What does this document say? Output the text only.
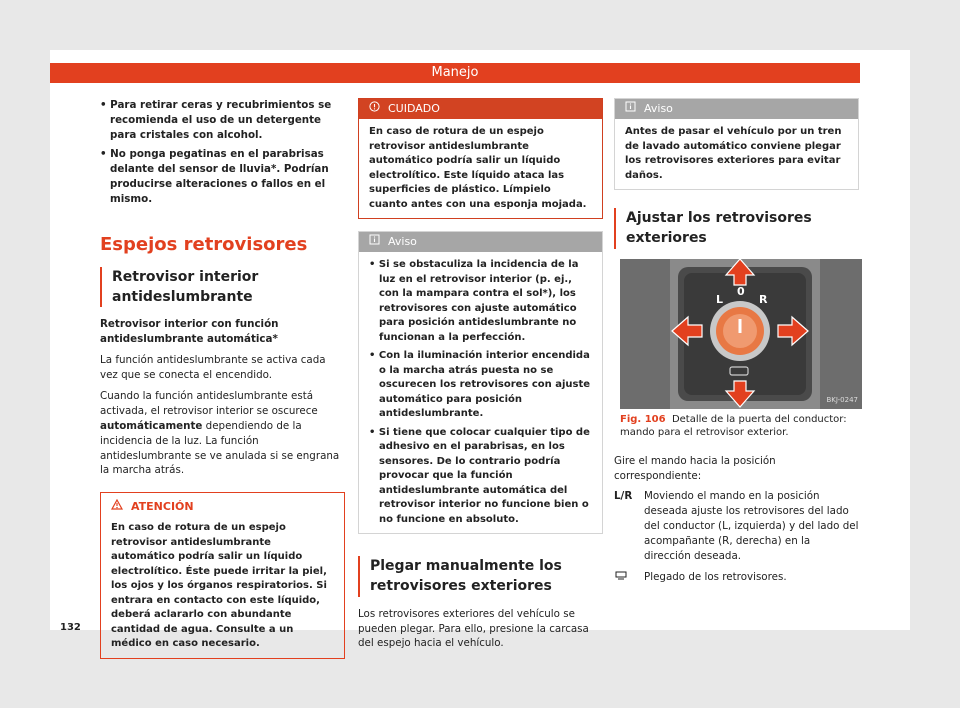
Manejo
• Para retirar ceras y recubrimientos se recomienda el uso de un detergente para cristales con alcohol.
• No ponga pegatinas en el parabrisas delante del sensor de lluvia*. Podrían producirse alteraciones o fallos en el mismo.
Espejos retrovisores
Retrovisor interior antideslumbrante

Retrovisor interior con función antideslumbrante automática*

La función antideslumbrante se activa cada vez que se conecta el encendido.

Cuando la función antideslumbrante está activada, el retrovisor interior se oscurece automáticamente dependiendo de la incidencia de la luz. La función antideslumbrante se ve anulada si se engrana la marcha atrás.

ATENCIÓN
En caso de rotura de un espejo retrovisor antideslumbrante automático podría salir un líquido electrolítico. Éste puede irritar la piel, los ojos y los órganos respiratorios. Si entrara en contacto con este líquido, deberá aclararlo con abundante cantidad de agua. Consulte a un médico en caso necesario.
CUIDADO
En caso de rotura de un espejo retrovisor antideslumbrante automático podría salir un líquido electrolítico. Este líquido ataca las superficies de plástico. Límpielo cuanto antes con una esponja mojada.
Aviso
• Si se obstaculiza la incidencia de la luz en el retrovisor interior (p. ej., con la mampara contra el sol*), los retrovisores con ajuste automático para posición antideslumbrante no funcionan a la perfección.
• Con la iluminación interior encendida o la marcha atrás puesta no se oscurecen los retrovisores con ajuste automático para posición antideslumbrante.
• Si tiene que colocar cualquier tipo de adhesivo en el parabrisas, en los sensores. De lo contrario podría provocar que la función antideslumbrante automática del retrovisor interior no funcione bien o no funcione en absoluto.
Plegar manualmente los retrovisores exteriores

Los retrovisores exteriores del vehículo se pueden plegar. Para ello, presione la carcasa del espejo hacia el vehículo.

Aviso
Antes de pasar el vehículo por un tren de lavado automático conviene plegar los retrovisores exteriores para evitar daños.
Ajustar los retrovisores exteriores
L
0
R
BKJ-0247
Fig. 106 Detalle de la puerta del conductor: mando para el retrovisor exterior.

Gire el mando hacia la posición correspondiente:

L/R	Moviendo el mando en la posición deseada ajuste los retrovisores del lado del conductor (L, izquierda) y del lado del acompañante (R, derecha) en la dirección deseada.
Plegado de los retrovisores.
132
